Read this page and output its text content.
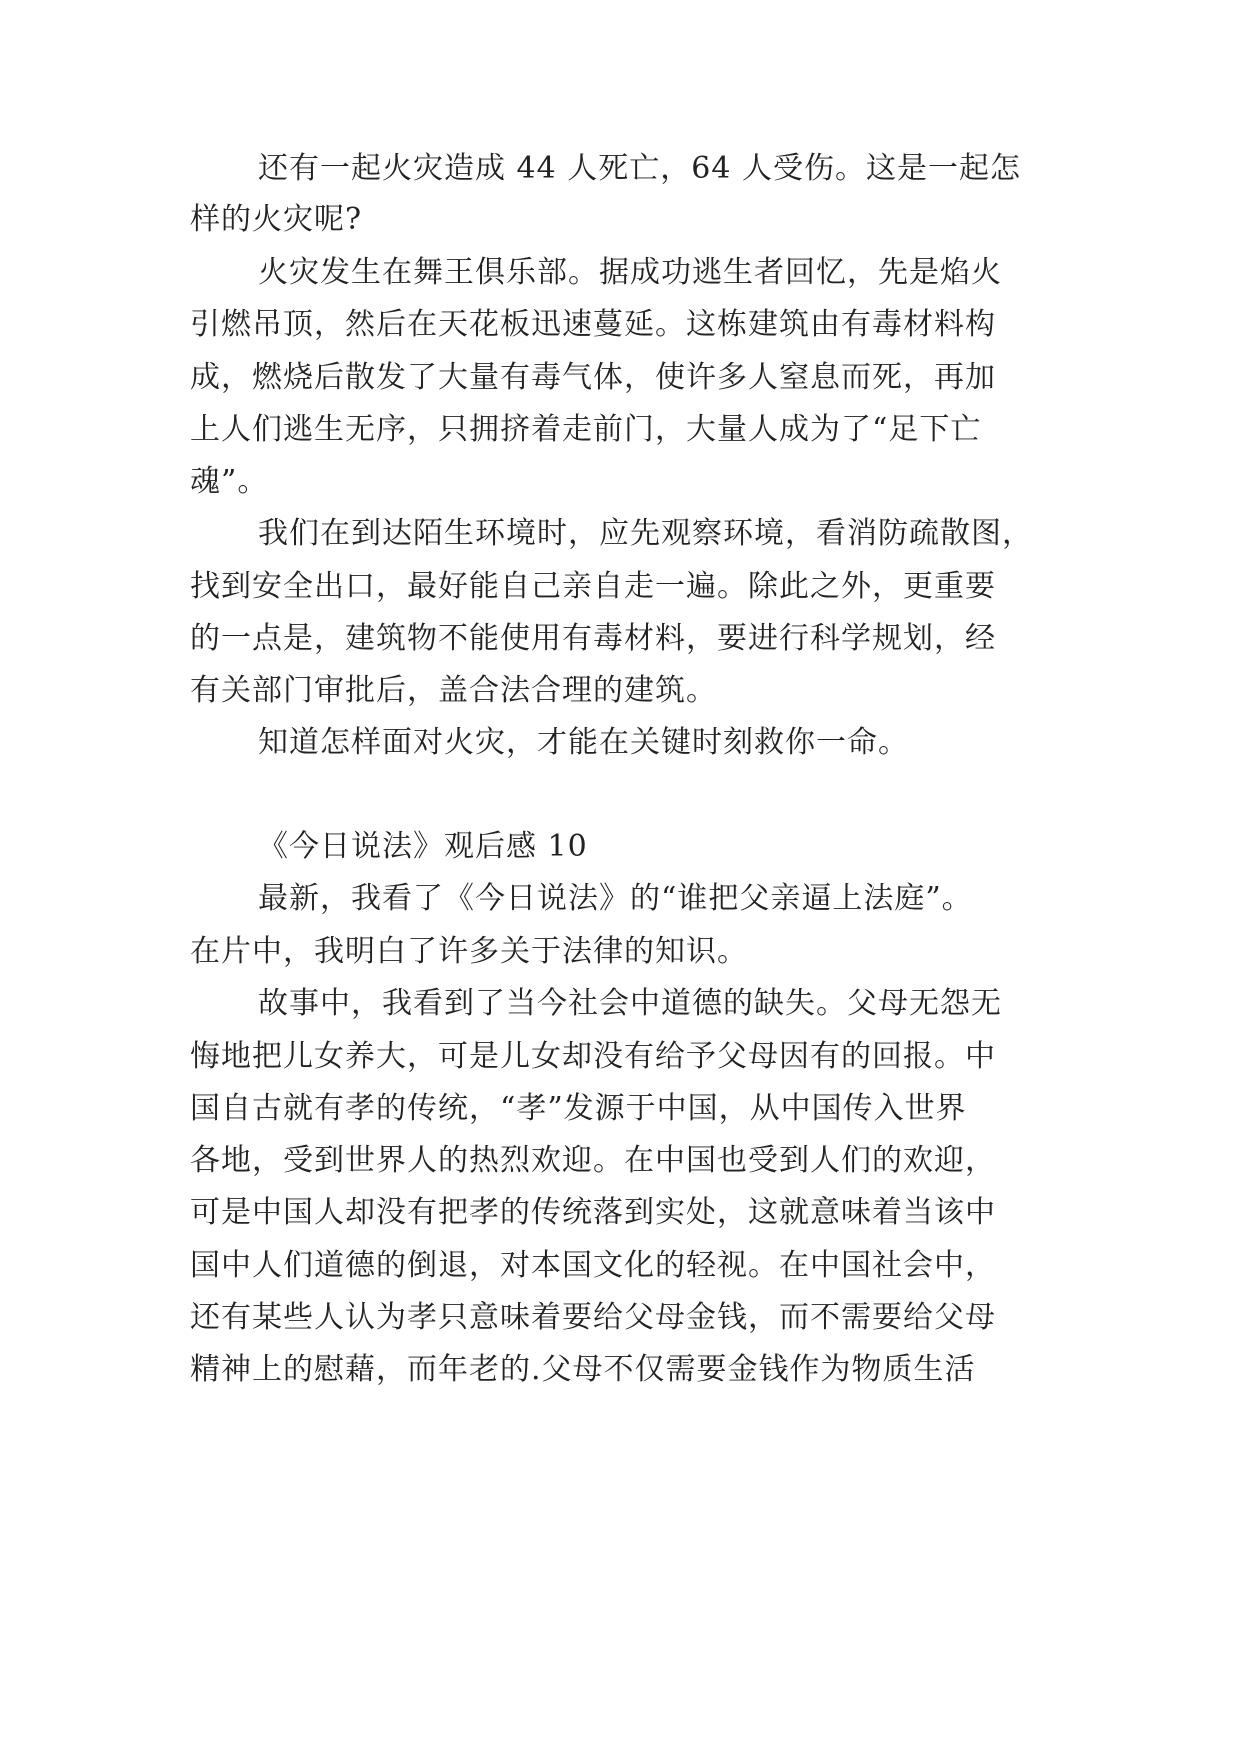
还有一起火灾造成 44 人死亡，64 人受伤。这是一起怎
样的火灾呢?
火灾发生在舞王俱乐部。据成功逃生者回忆，先是焰火
引燃吊顶，然后在天花板迅速蔓延。这栋建筑由有毒材料构
成，燃烧后散发了大量有毒气体，使许多人窒息而死，再加
上人们逃生无序，只拥挤着走前门，大量人成为了“足下亡
魂”。
我们在到达陌生环境时，应先观察环境，看消防疏散图，
找到安全出口，最好能自己亲自走一遍。除此之外，更重要
的一点是，建筑物不能使用有毒材料，要进行科学规划，经
有关部门审批后，盖合法合理的建筑。
知道怎样面对火灾，才能在关键时刻救你一命。
《今日说法》观后感 10
最新，我看了《今日说法》的“谁把父亲逼上法庭”。
在片中，我明白了许多关于法律的知识。
故事中，我看到了当今社会中道德的缺失。父母无怨无
悔地把儿女养大，可是儿女却没有给予父母因有的回报。中
国自古就有孝的传统，“孝”发源于中国，从中国传入世界
各地，受到世界人的热烈欢迎。在中国也受到人们的欢迎，
可是中国人却没有把孝的传统落到实处，这就意味着当该中
国中人们道德的倒退，对本国文化的轻视。在中国社会中，
还有某些人认为孝只意味着要给父母金钱，而不需要给父母
精神上的慰藉，而年老的.父母不仅需要金钱作为物质生活
